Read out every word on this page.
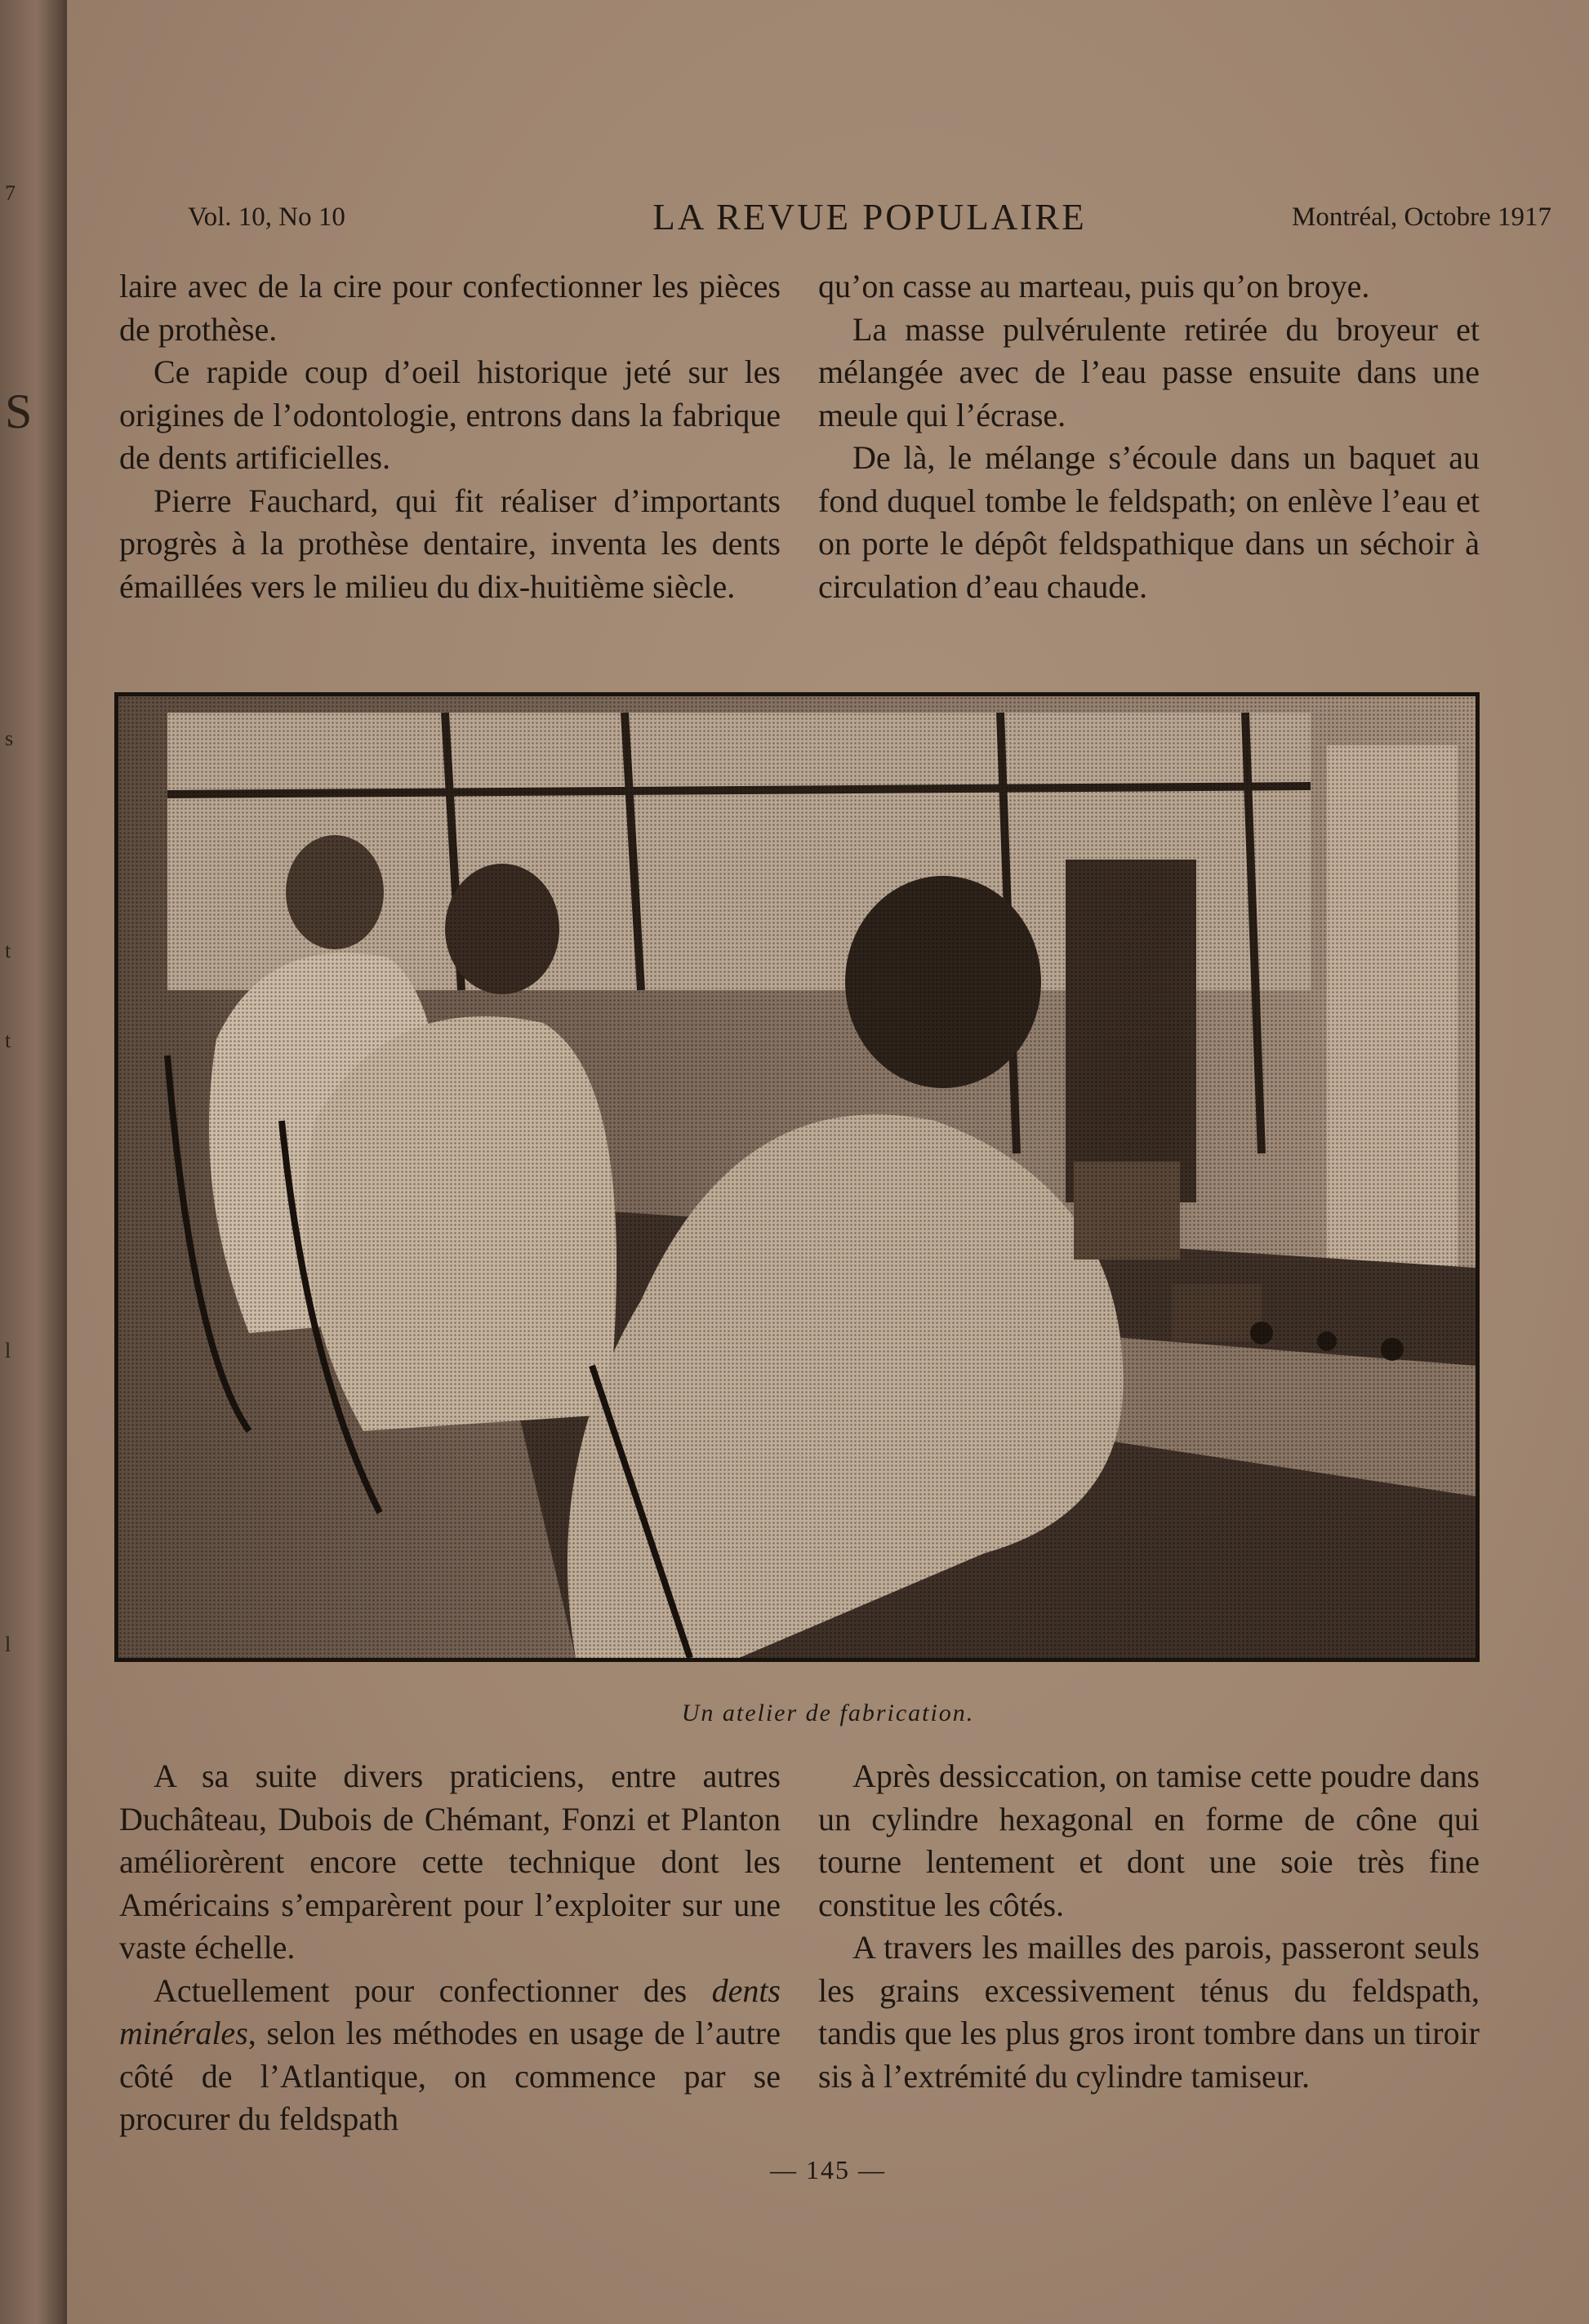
7
S
s
t
t
l
l
Vol. 10, No 10	LA REVUE POPULAIRE	Montréal, Octobre 1917

laire avec de la cire pour confectionner les pièces de prothèse.

Ce rapide coup d’oeil historique jeté sur les origines de l’odontologie, entrons dans la fabrique de dents artificielles.

Pierre Fauchard, qui fit réaliser d’importants progrès à la prothèse dentaire, inventa les dents émaillées vers le milieu du dix-huitième siècle.

qu’on casse au marteau, puis qu’on broye.

La masse pulvérulente retirée du broyeur et mélangée avec de l’eau passe ensuite dans une meule qui l’écrase.

De là, le mélange s’écoule dans un baquet au fond duquel tombe le feldspath; on enlève l’eau et on porte le dépôt feldspathique dans un séchoir à circulation d’eau chaude.

Un atelier de fabrication.

A sa suite divers praticiens, entre autres Duchâteau, Dubois de Chémant, Fonzi et Planton améliorèrent encore cette technique dont les Américains s’emparèrent pour l’exploiter sur une vaste échelle.

Actuellement pour confectionner des dents minérales, selon les méthodes en usage de l’autre côté de l’Atlantique, on commence par se procurer du feldspath

Après dessiccation, on tamise cette poudre dans un cylindre hexagonal en forme de cône qui tourne lentement et dont une soie très fine constitue les côtés.

A travers les mailles des parois, passeront seuls les grains excessivement ténus du feldspath, tandis que les plus gros iront tombre dans un tiroir sis à l’extrémité du cylindre tamiseur.

— 145 —
